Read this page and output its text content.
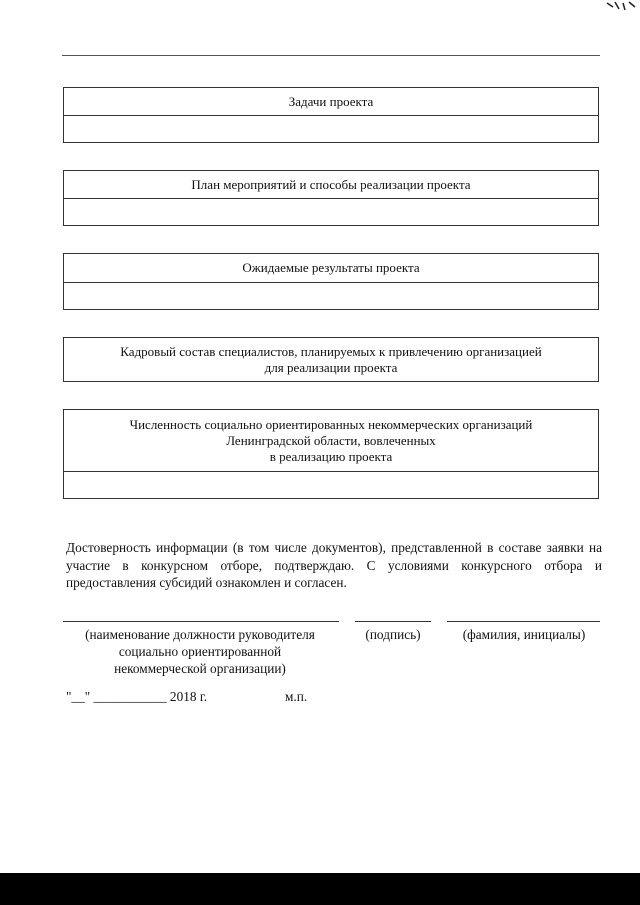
Задачи проекта
План мероприятий и способы реализации проекта
Ожидаемые результаты проекта
Кадровый состав специалистов, планируемых к привлечению организацией
для реализации проекта
Численность социально ориентированных некоммерческих организаций
Ленинградской области, вовлеченных
в реализацию проекта
Достоверность информации (в том числе документов), представленной в составе заявки на участие в конкурсном отборе, подтверждаю. С условиями конкурсного отбора и предоставления субсидий ознакомлен и согласен.
(наименование должности руководителя
социально ориентированной
некоммерческой организации)
(подпись)	(фамилия, инициалы)
"__" ___________ 2018 г.	м.п.
